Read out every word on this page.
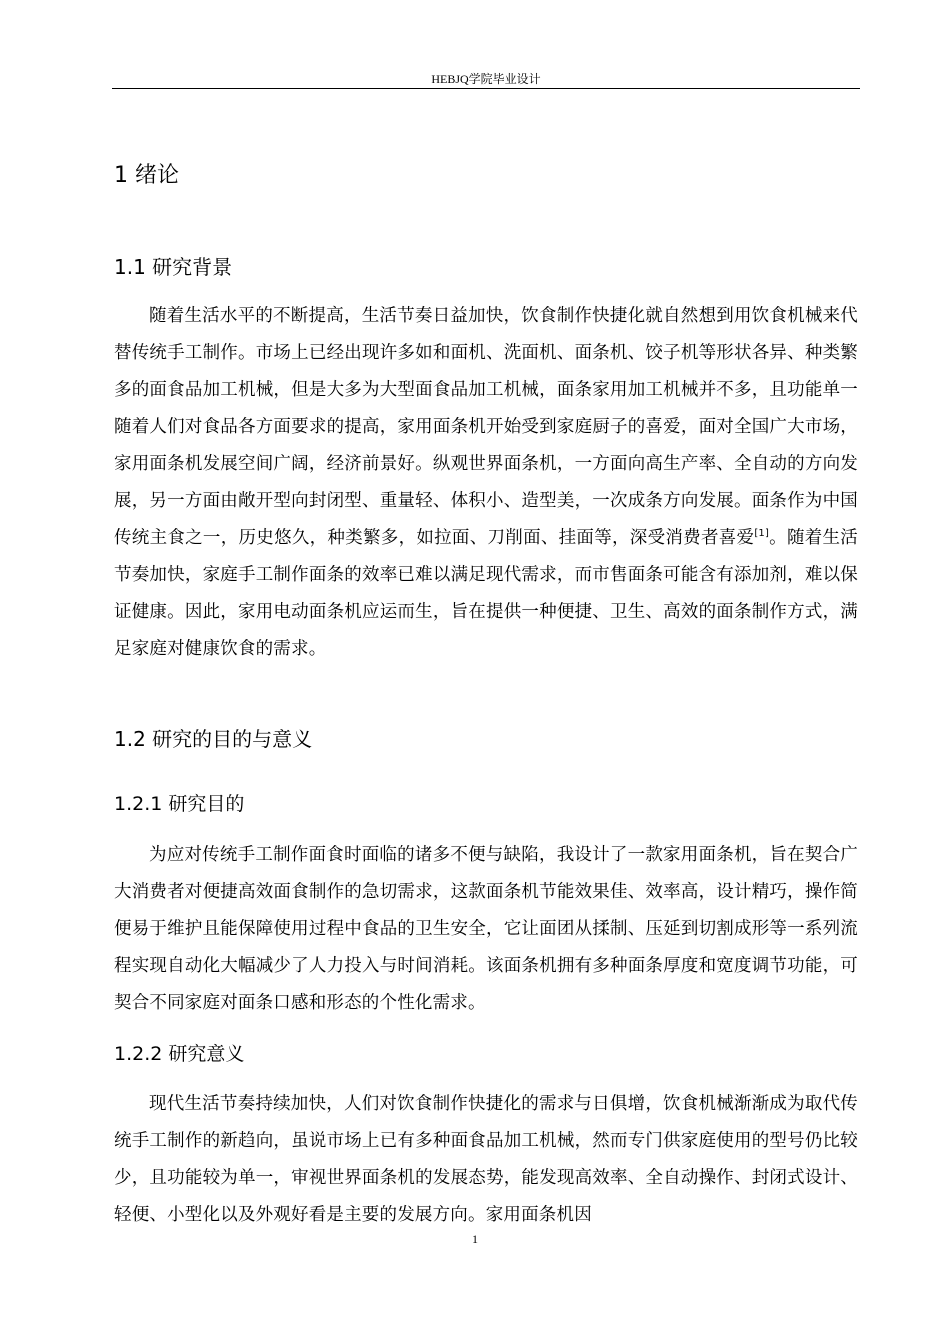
HEBJQ学院毕业设计
1 绪论
1.1 研究背景
随着生活水平的不断提高，生活节奏日益加快，饮食制作快捷化就自然想到用饮食机械来代替传统手工制作。市场上已经出现许多如和面机、洗面机、面条机、饺子机等形状各异、种类繁多的面食品加工机械，但是大多为大型面食品加工机械，面条家用加工机械并不多，且功能单一随着人们对食品各方面要求的提高，家用面条机开始受到家庭厨子的喜爱，面对全国广大市场，家用面条机发展空间广阔，经济前景好。纵观世界面条机，一方面向高生产率、全自动的方向发展，另一方面由敞开型向封闭型、重量轻、体积小、造型美，一次成条方向发展。面条作为中国传统主食之一，历史悠久，种类繁多，如拉面、刀削面、挂面等，深受消费者喜爱[1]。随着生活节奏加快，家庭手工制作面条的效率已难以满足现代需求，而市售面条可能含有添加剂，难以保证健康。因此，家用电动面条机应运而生，旨在提供一种便捷、卫生、高效的面条制作方式，满足家庭对健康饮食的需求。
1.2 研究的目的与意义
1.2.1 研究目的
为应对传统手工制作面食时面临的诸多不便与缺陷，我设计了一款家用面条机，旨在契合广大消费者对便捷高效面食制作的急切需求，这款面条机节能效果佳、效率高，设计精巧，操作简便易于维护且能保障使用过程中食品的卫生安全，它让面团从揉制、压延到切割成形等一系列流程实现自动化大幅减少了人力投入与时间消耗。该面条机拥有多种面条厚度和宽度调节功能，可契合不同家庭对面条口感和形态的个性化需求。
1.2.2 研究意义
现代生活节奏持续加快，人们对饮食制作快捷化的需求与日俱增，饮食机械渐渐成为取代传统手工制作的新趋向，虽说市场上已有多种面食品加工机械，然而专门供家庭使用的型号仍比较少，且功能较为单一，审视世界面条机的发展态势，能发现高效率、全自动操作、封闭式设计、轻便、小型化以及外观好看是主要的发展方向。家用面条机因
1
